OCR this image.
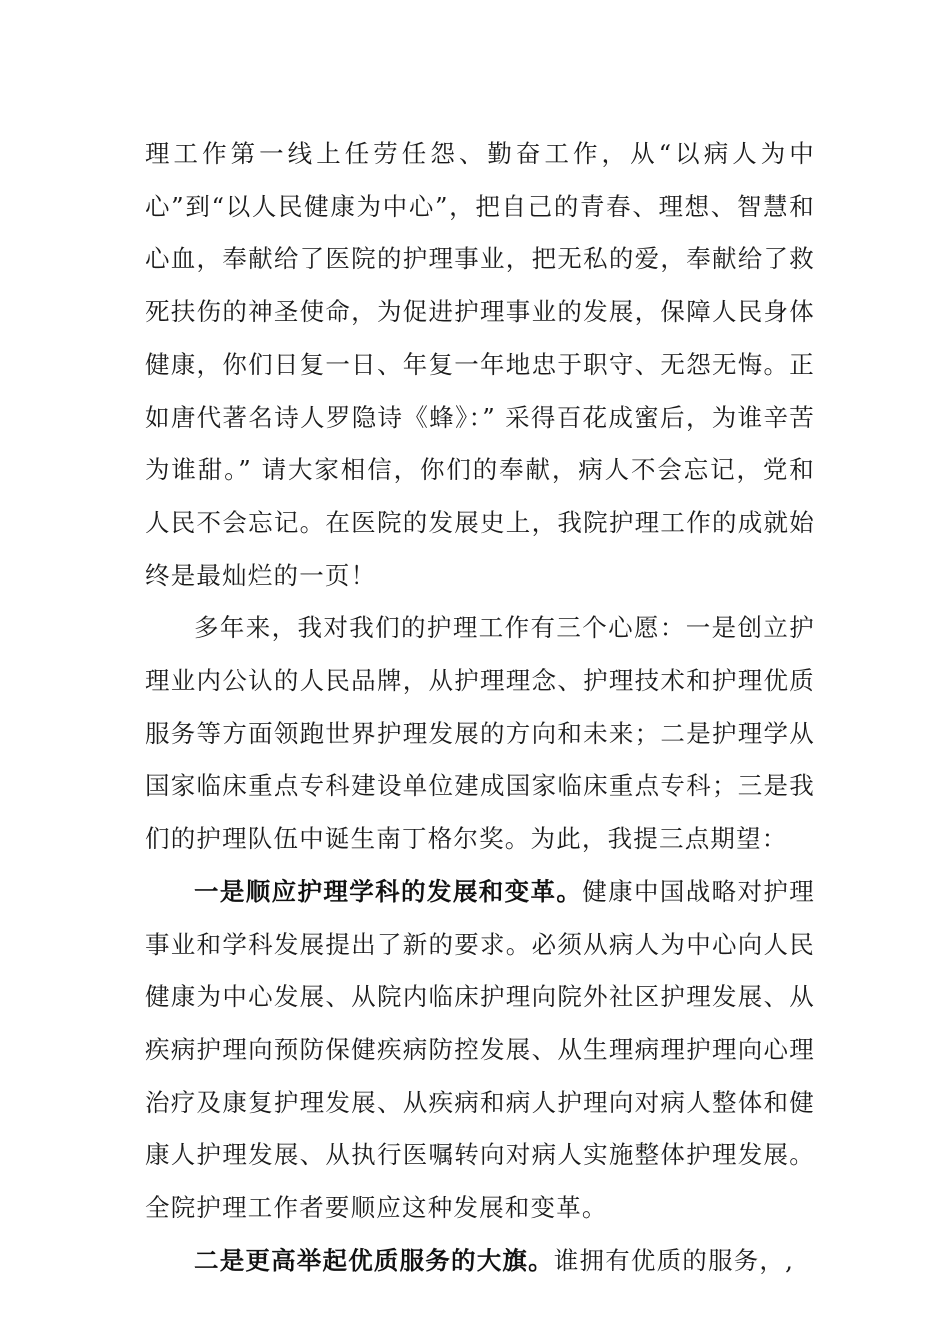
理工作第一线上任劳任怨、勤奋工作，从“以病人为中心”到“以人民健康为中心”，把自己的青春、理想、智慧和心血，奉献给了医院的护理事业，把无私的爱，奉献给了救死扶伤的神圣使命，为促进护理事业的发展，保障人民身体健康，你们日复一日、年复一年地忠于职守、无怨无悔。正如唐代著名诗人罗隐诗《蜂》：” 采得百花成蜜后，为谁辛苦为谁甜。” 请大家相信，你们的奉献，病人不会忘记，党和人民不会忘记。在医院的发展史上，我院护理工作的成就始终是最灿烂的一页！

多年来，我对我们的护理工作有三个心愿：一是创立护理业内公认的人民品牌，从护理理念、护理技术和护理优质服务等方面领跑世界护理发展的方向和未来；二是护理学从国家临床重点专科建设单位建成国家临床重点专科；三是我们的护理队伍中诞生南丁格尔奖。为此，我提三点期望：

一是顺应护理学科的发展和变革。健康中国战略对护理事业和学科发展提出了新的要求。必须从病人为中心向人民健康为中心发展、从院内临床护理向院外社区护理发展、从疾病护理向预防保健疾病防控发展、从生理病理护理向心理治疗及康复护理发展、从疾病和病人护理向对病人整体和健康人护理发展、从执行医嘱转向对病人实施整体护理发展。全院护理工作者要顺应这种发展和变革。

二是更高举起优质服务的大旗。谁拥有优质的服务，,
